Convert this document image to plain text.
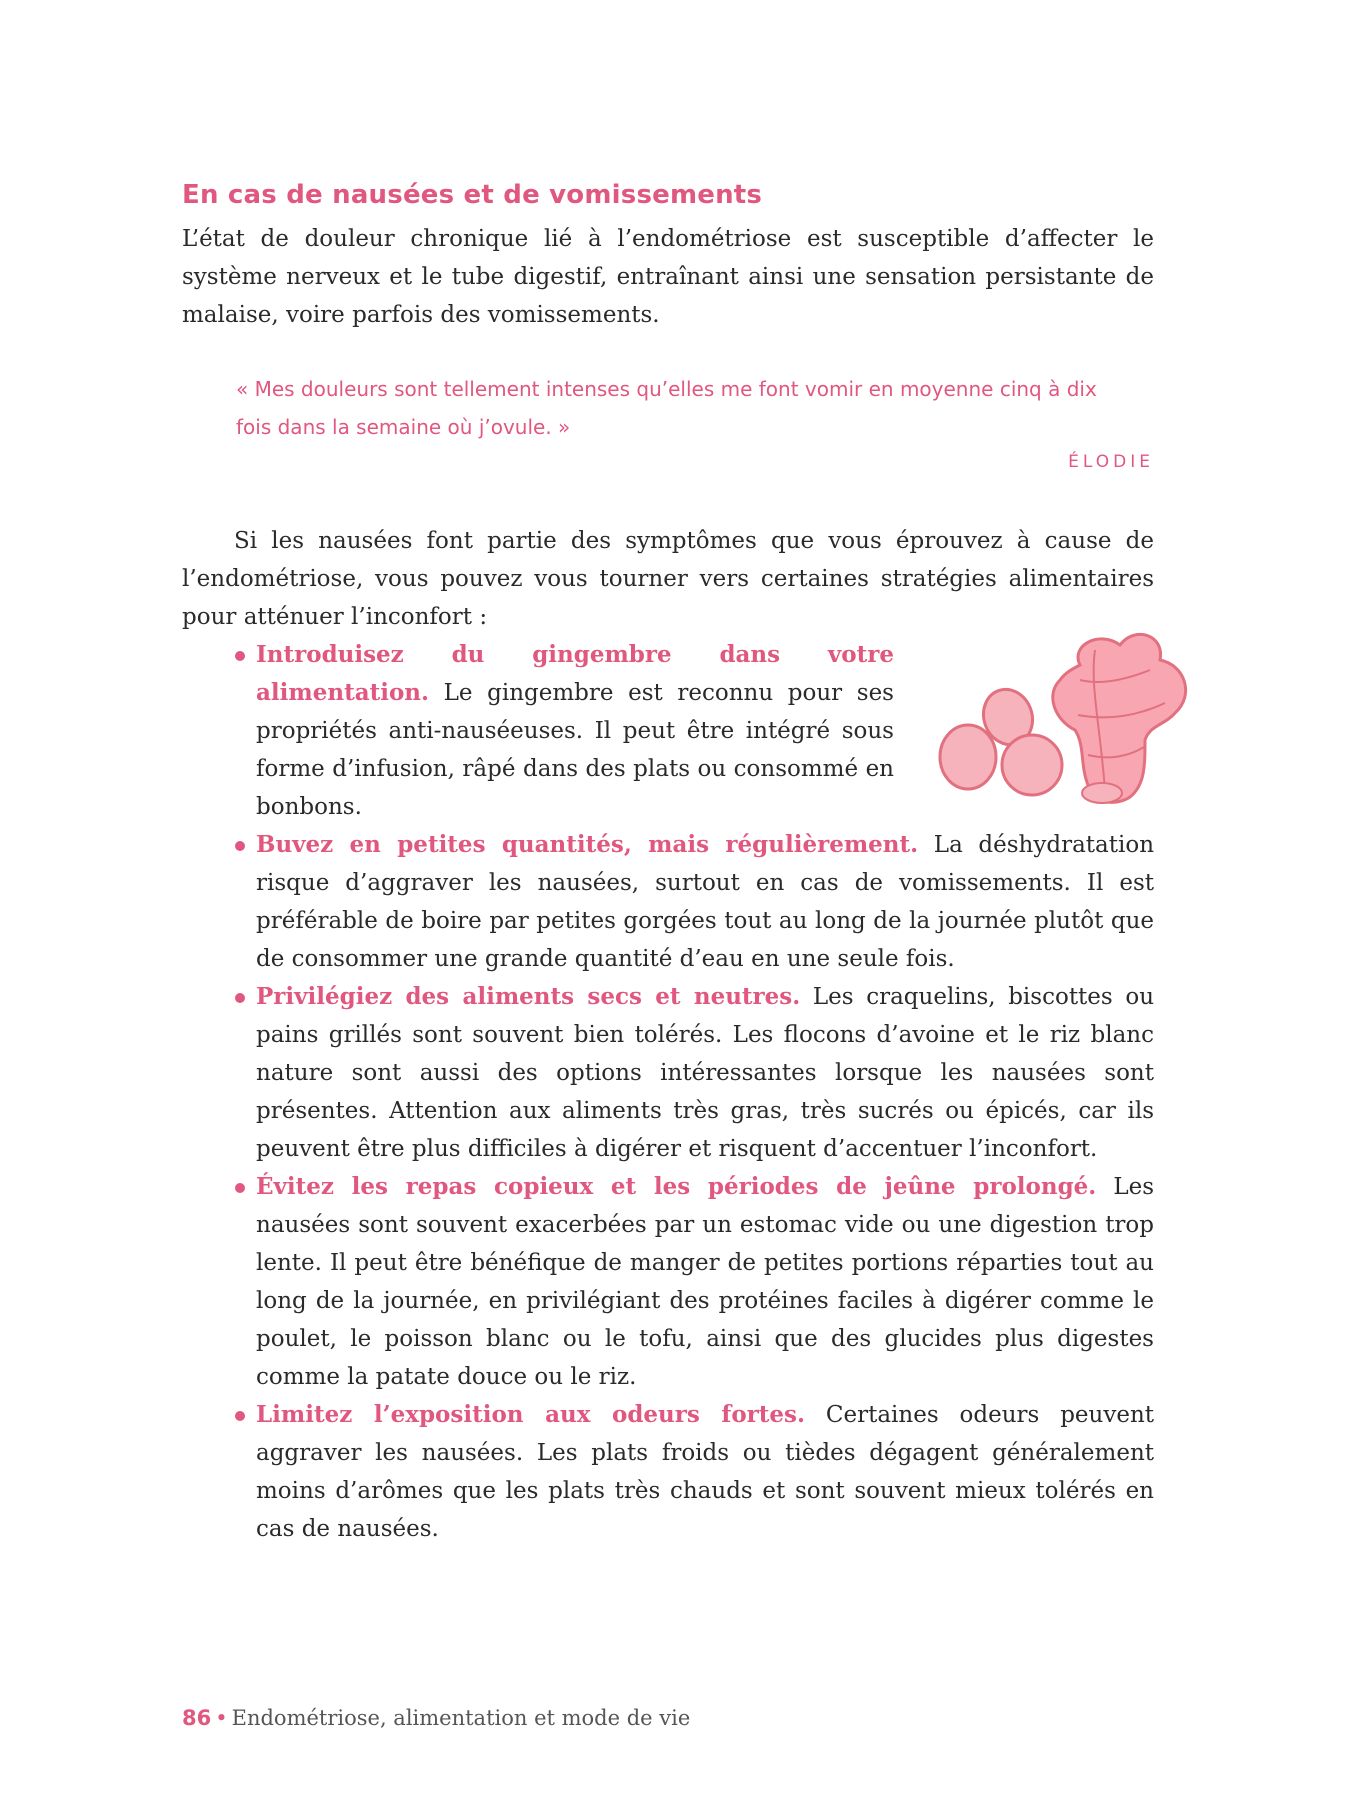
En cas de nausées et de vomissements

L’état de douleur chronique lié à l’endométriose est susceptible d’affecter le système nerveux et le tube digestif, entraînant ainsi une sensation persistante de malaise, voire parfois des vomissements.

« Mes douleurs sont tellement intenses qu’elles me font vomir en moyenne cinq à dix fois dans la semaine où j’ovule. »

ÉLODIE

Si les nausées font partie des symptômes que vous éprouvez à cause de l’endométriose, vous pouvez vous tourner vers certaines stratégies alimentaires pour atténuer l’inconfort :

Introduisez du gingembre dans votre alimentation. Le gingembre est reconnu pour ses propriétés anti-nauséeuses. Il peut être intégré sous forme d’infusion, râpé dans des plats ou consommé en bonbons.
Buvez en petites quantités, mais régulièrement. La déshydratation risque d’aggraver les nausées, surtout en cas de vomissements. Il est préférable de boire par petites gorgées tout au long de la journée plutôt que de consommer une grande quantité d’eau en une seule fois.
Privilégiez des aliments secs et neutres. Les craquelins, biscottes ou pains grillés sont souvent bien tolérés. Les flocons d’avoine et le riz blanc nature sont aussi des options intéressantes lorsque les nausées sont présentes. Attention aux aliments très gras, très sucrés ou épicés, car ils peuvent être plus difficiles à digérer et risquent d’accentuer l’inconfort.
Évitez les repas copieux et les périodes de jeûne prolongé. Les nausées sont souvent exacerbées par un estomac vide ou une digestion trop lente. Il peut être bénéfique de manger de petites portions réparties tout au long de la journée, en privilégiant des protéines faciles à digérer comme le poulet, le poisson blanc ou le tofu, ainsi que des glucides plus digestes comme la patate douce ou le riz.
Limitez l’exposition aux odeurs fortes. Certaines odeurs peuvent aggraver les nausées. Les plats froids ou tièdes dégagent généralement moins d’arômes que les plats très chauds et sont souvent mieux tolérés en cas de nausées.
86 • Endométriose, alimentation et mode de vie
